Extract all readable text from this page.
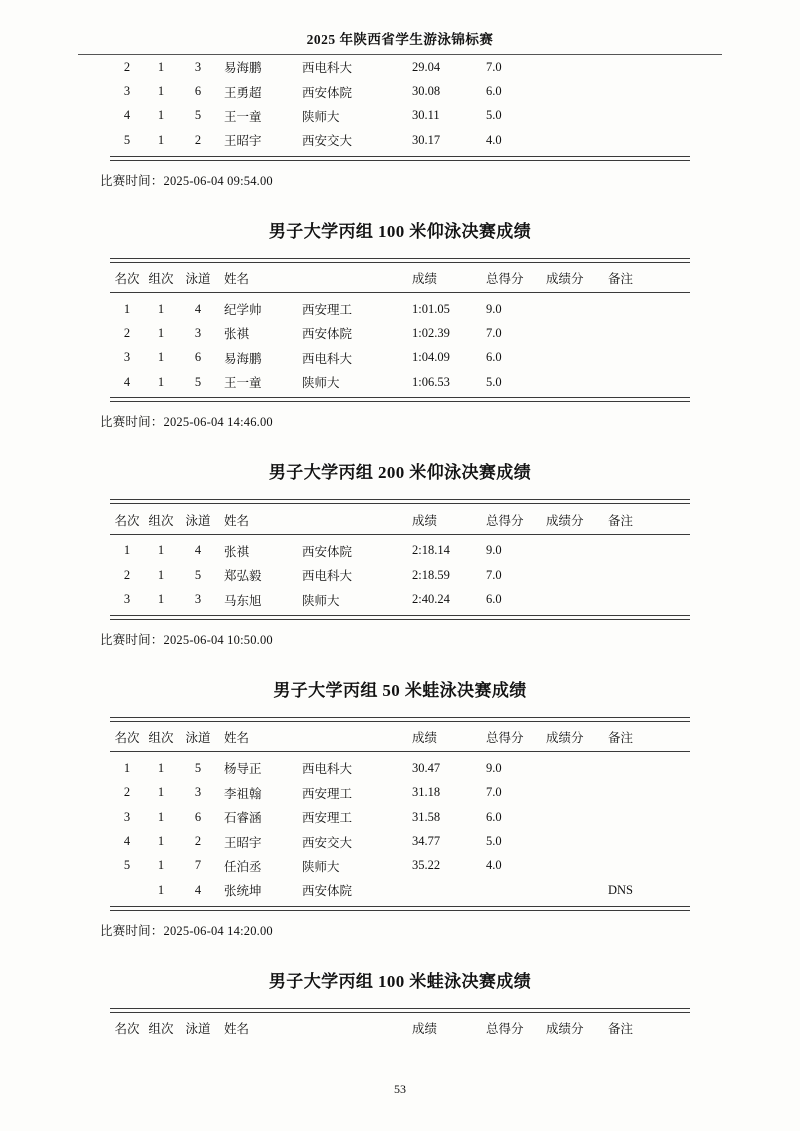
2025 年陕西省学生游泳锦标赛
2	1	3	易海鹏	西电科大	29.04	7.0		
3	1	6	王勇超	西安体院	30.08	6.0		
4	1	5	王一童	陕师大	30.11	5.0		
5	1	2	王昭宇	西安交大	30.17	4.0		
比赛时间：2025-06-04 09:54.00
男子大学丙组 100 米仰泳决赛成绩
名次	组次	泳道	姓名		成绩	总得分	成绩分	备注
1	1	4	纪学帅	西安理工	1:01.05	9.0		
2	1	3	张祺	西安体院	1:02.39	7.0		
3	1	6	易海鹏	西电科大	1:04.09	6.0		
4	1	5	王一童	陕师大	1:06.53	5.0		
比赛时间：2025-06-04 14:46.00
男子大学丙组 200 米仰泳决赛成绩
名次	组次	泳道	姓名		成绩	总得分	成绩分	备注
1	1	4	张祺	西安体院	2:18.14	9.0		
2	1	5	郑弘毅	西电科大	2:18.59	7.0		
3	1	3	马东旭	陕师大	2:40.24	6.0		
比赛时间：2025-06-04 10:50.00
男子大学丙组 50 米蛙泳决赛成绩
名次	组次	泳道	姓名		成绩	总得分	成绩分	备注
1	1	5	杨导正	西电科大	30.47	9.0		
2	1	3	李祖翰	西安理工	31.18	7.0		
3	1	6	石睿涵	西安理工	31.58	6.0		
4	1	2	王昭宇	西安交大	34.77	5.0		
5	1	7	任泊丞	陕师大	35.22	4.0		
	1	4	张统坤	西安体院				DNS
比赛时间：2025-06-04 14:20.00
男子大学丙组 100 米蛙泳决赛成绩
名次	组次	泳道	姓名		成绩	总得分	成绩分	备注
53
